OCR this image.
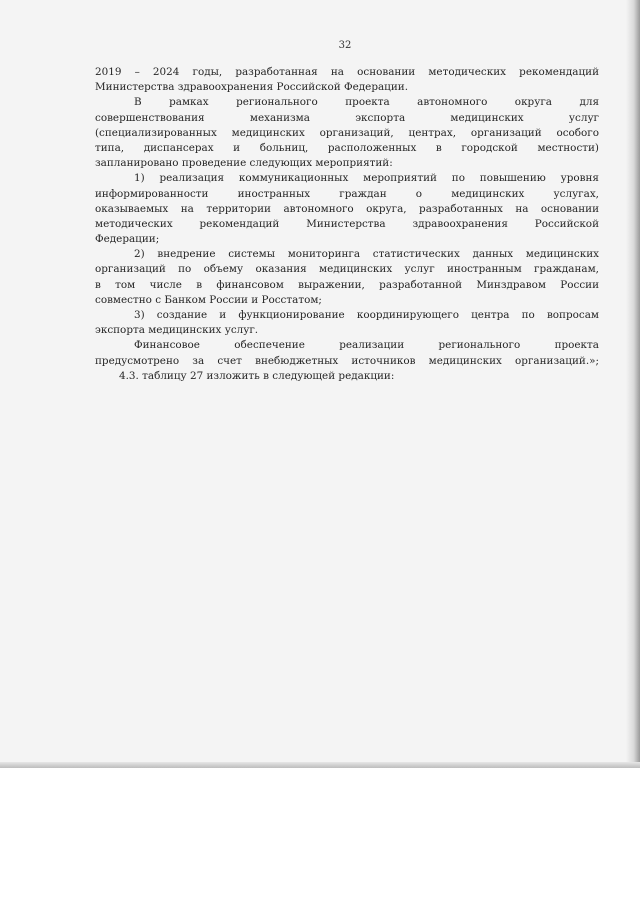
32
2019 – 2024 годы, разработанная на основании методических рекомендаций
Министерства здравоохранения Российской Федерации.
В рамках регионального проекта автономного округа для
совершенствования механизма экспорта медицинских услуг
(специализированных медицинских организаций, центрах, организаций особого
типа, диспансерах и больниц, расположенных в городской местности)
запланировано проведение следующих мероприятий:
1) реализация коммуникационных мероприятий по повышению уровня
информированности иностранных граждан о медицинских услугах,
оказываемых на территории автономного округа, разработанных на основании
методических рекомендаций Министерства здравоохранения Российской
Федерации;
2) внедрение системы мониторинга статистических данных медицинских
организаций по объему оказания медицинских услуг иностранным гражданам,
в том числе в финансовом выражении, разработанной Минздравом России
совместно с Банком России и Росстатом;
3) создание и функционирование координирующего центра по вопросам
экспорта медицинских услуг.
Финансовое обеспечение реализации регионального проекта
предусмотрено за счет внебюджетных источников медицинских организаций.»;
4.3. таблицу 27 изложить в следующей редакции:
